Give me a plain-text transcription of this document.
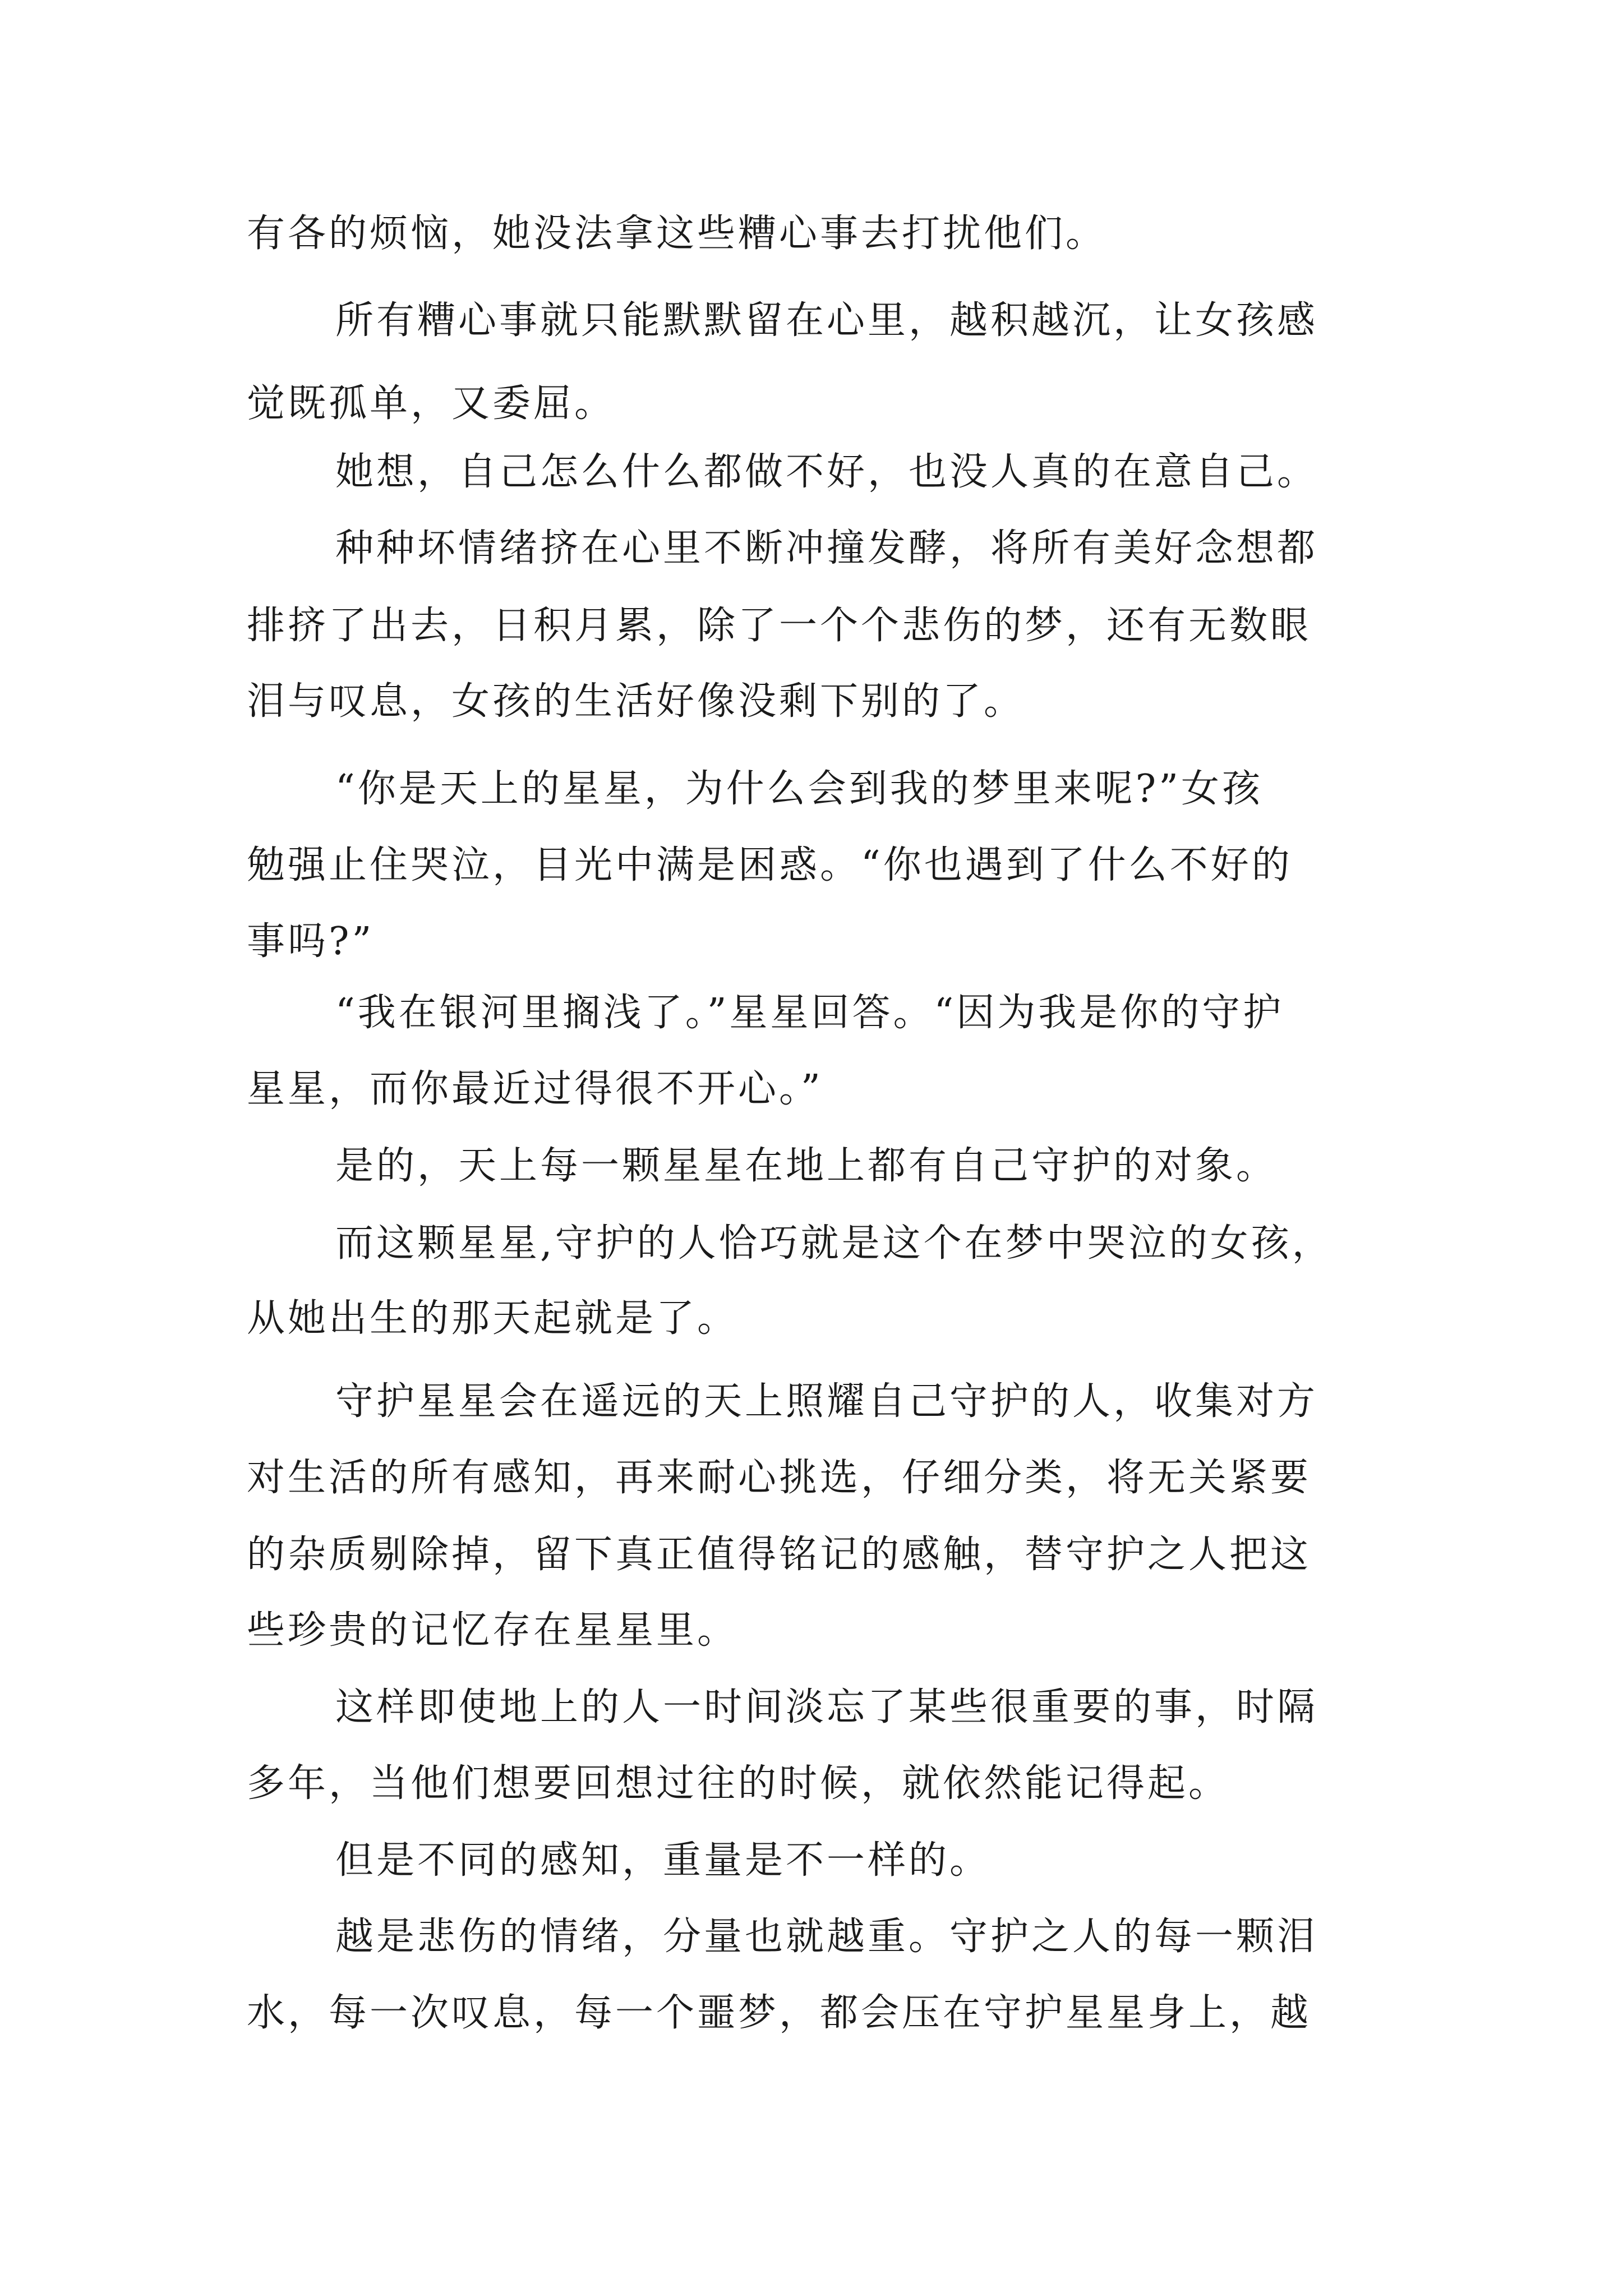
有各的烦恼，她没法拿这些糟心事去打扰他们。
所有糟心事就只能默默留在心里，越积越沉，让女孩感
觉既孤单，又委屈。
她想，自己怎么什么都做不好，也没人真的在意自己。
种种坏情绪挤在心里不断冲撞发酵，将所有美好念想都
排挤了出去，日积月累，除了一个个悲伤的梦，还有无数眼
泪与叹息，女孩的生活好像没剩下别的了。
“你是天上的星星，为什么会到我的梦里来呢?”女孩
勉强止住哭泣，目光中满是困惑。“你也遇到了什么不好的
事吗?”
“我在银河里搁浅了。”星星回答。“因为我是你的守护
星星，而你最近过得很不开心。”
是的，天上每一颗星星在地上都有自己守护的对象。
而这颗星星,守护的人恰巧就是这个在梦中哭泣的女孩，
从她出生的那天起就是了。
守护星星会在遥远的天上照耀自己守护的人，收集对方
对生活的所有感知，再来耐心挑选，仔细分类，将无关紧要
的杂质剔除掉，留下真正值得铭记的感触，替守护之人把这
些珍贵的记忆存在星星里。
这样即使地上的人一时间淡忘了某些很重要的事，时隔
多年，当他们想要回想过往的时候，就依然能记得起。
但是不同的感知，重量是不一样的。
越是悲伤的情绪，分量也就越重。守护之人的每一颗泪
水，每一次叹息，每一个噩梦，都会压在守护星星身上，越
